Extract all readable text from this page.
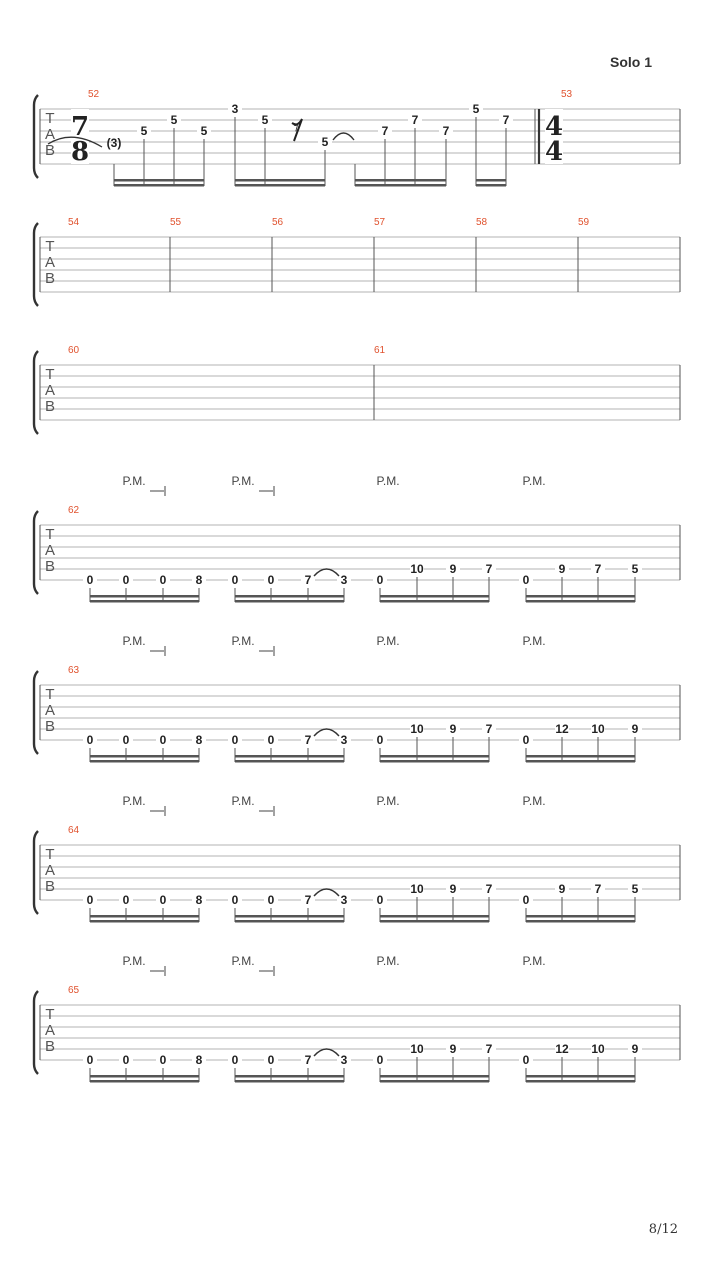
Solo 1
T
A
B
52
7
8 (3)
5
5
5
3
5
5
7
7
7
5
7
𝄾
53
4
4
T
A
B
54	55	56	57	58	59
T
A
B
60	61
T
A
B
62
P.M.	P.M.	P.M.	P.M.
0 0	0 8 0 0	7 3 0
10 9 7
0
9 7	5
T
A
B
63
P.M.	P.M.	P.M.	P.M.
0 0	0 8 0 0	7 3 0
10 9 7
0
12 10 9
T
A
B
64
P.M.	P.M.	P.M.	P.M.
0 0	0 8 0 0	7 3 0
10 9 7
0
9 7	5
T
A
B
65
P.M.	P.M.	P.M.	P.M.
0 0	0 8 0 0	7 3 0
10 9 7
0
12 10 9
8/12
